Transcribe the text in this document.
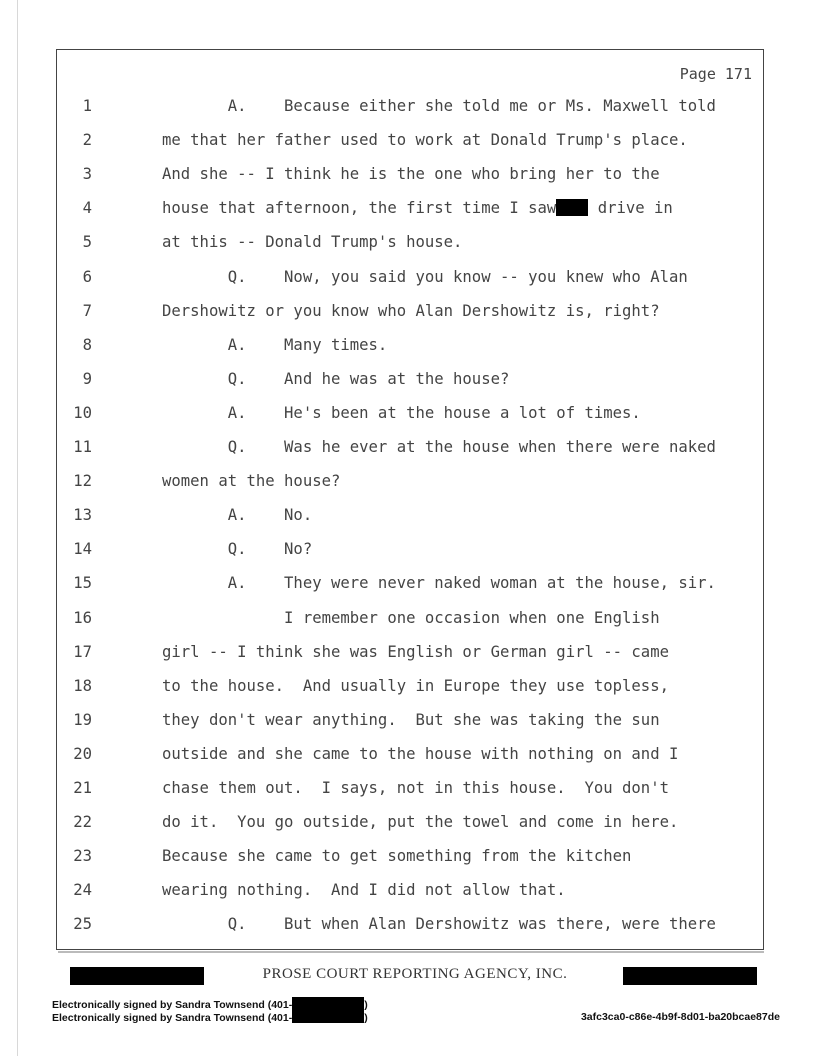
Page 171
1	A.    Because either she told me or Ms. Maxwell told
2	me that her father used to work at Donald Trump's place.
3	And she -- I think he is the one who bring her to the
4	house that afternoon, the first time I saw drive in
5	at this -- Donald Trump's house.
6	Q.    Now, you said you know -- you knew who Alan
7	Dershowitz or you know who Alan Dershowitz is, right?
8	A.    Many times.
9	Q.    And he was at the house?
10	A.    He's been at the house a lot of times.
11	Q.    Was he ever at the house when there were naked
12	women at the house?
13	A.    No.
14	Q.    No?
15	A.    They were never naked woman at the house, sir.
16	I remember one occasion when one English
17	girl -- I think she was English or German girl -- came
18	to the house.  And usually in Europe they use topless,
19	they don't wear anything.  But she was taking the sun
20	outside and she came to the house with nothing on and I
21	chase them out.  I says, not in this house.  You don't
22	do it.  You go outside, put the towel and come in here.
23	Because she came to get something from the kitchen
24	wearing nothing.  And I did not allow that.
25	Q.    But when Alan Dershowitz was there, were there
PROSE COURT REPORTING AGENCY, INC.
Electronically signed by Sandra Townsend (401-	)
Electronically signed by Sandra Townsend (401-	)	3afc3ca0-c86e-4b9f-8d01-ba20bcae87de
